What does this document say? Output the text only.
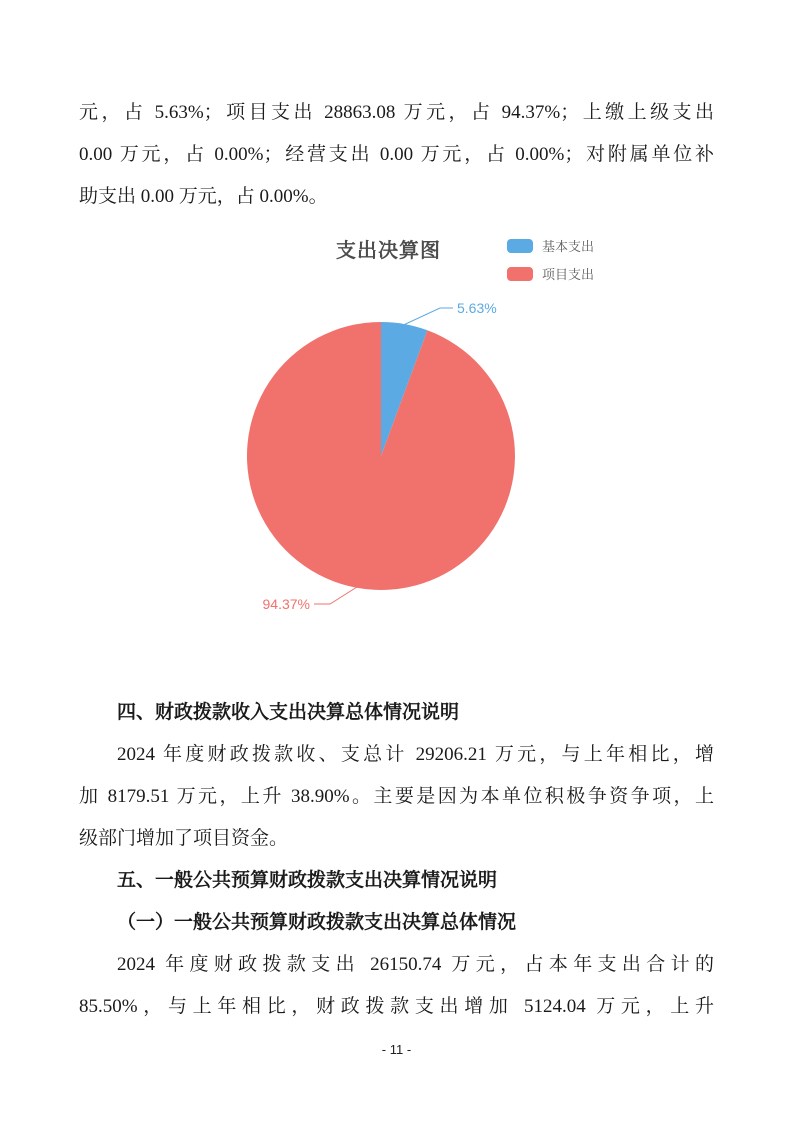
元，占 5.63%；项目支出 28863.08 万元，占 94.37%；上缴上级支出
0.00 万元，占 0.00%；经营支出 0.00 万元，占 0.00%；对附属单位补
助支出 0.00 万元，占 0.00%。
支出决算图	基本支出
项目支出
5.63%
94.37%
四、财政拨款收入支出决算总体情况说明
2024 年度财政拨款收、支总计 29206.21 万元，与上年相比，增
加 8179.51 万元，上升 38.90%。主要是因为本单位积极争资争项，上
级部门增加了项目资金。
五、一般公共预算财政拨款支出决算情况说明
（一）一般公共预算财政拨款支出决算总体情况
2024 年度财政拨款支出 26150.74 万元，占本年支出合计的
85.50%，与上年相比，财政拨款支出增加 5124.04 万元，上升
- 11 -
